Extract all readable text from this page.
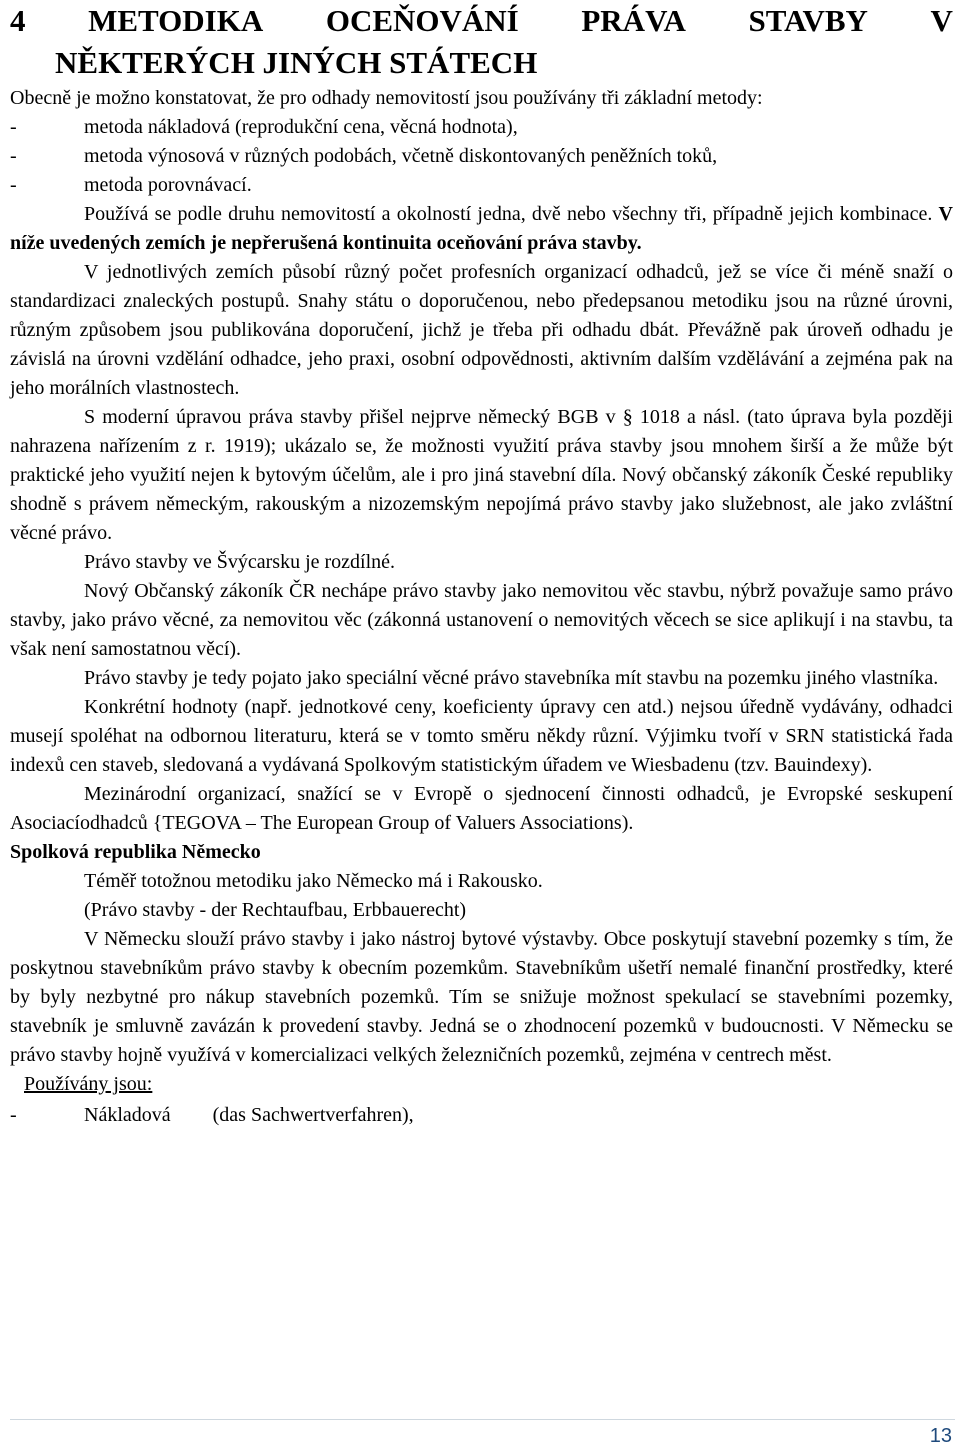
4 METODIKA OCEŇOVÁNÍ PRÁVA STAVBY V
NĚKTERÝCH JINÝCH STÁTECH

Obecně je možno konstatovat, že pro odhady nemovitostí jsou používány tři základní metody:

-	metoda nákladová (reprodukční cena, věcná hodnota),
-	metoda výnosová v různých podobách, včetně diskontovaných peněžních toků,
-	metoda porovnávací.

Používá se podle druhu nemovitostí a okolností jedna, dvě nebo všechny tři, případně jejich kombinace. V níže uvedených zemích je nepřerušená kontinuita oceňování práva stavby.

V jednotlivých zemích působí různý počet profesních organizací odhadců, jež se více či méně snaží o standardizaci znaleckých postupů. Snahy státu o doporučenou, nebo předepsanou metodiku jsou na různé úrovni, různým způsobem jsou publikována doporučení, jichž je třeba při odhadu dbát. Převážně pak úroveň odhadu je závislá na úrovni vzdělání odhadce, jeho praxi, osobní odpovědnosti, aktivním dalším vzdělávání a zejména pak na jeho morálních vlastnostech.

S moderní úpravou práva stavby přišel nejprve německý BGB v § 1018 a násl. (tato úprava byla později nahrazena nařízením z r. 1919); ukázalo se, že možnosti využití práva stavby jsou mnohem širší a že může být praktické jeho využití nejen k bytovým účelům, ale i pro jiná stavební díla. Nový občanský zákoník České republiky shodně s právem německým, rakouským a nizozemským nepojímá právo stavby jako služebnost, ale jako zvláštní věcné právo.

Právo stavby ve Švýcarsku je rozdílné.

Nový Občanský zákoník ČR nechápe právo stavby jako nemovitou věc stavbu, nýbrž považuje samo právo stavby, jako právo věcné, za nemovitou věc (zákonná ustanovení o nemovitých věcech se sice aplikují i na stavbu, ta však není samostatnou věcí).

Právo stavby je tedy pojato jako speciální věcné právo stavebníka mít stavbu na pozemku jiného vlastníka.

Konkrétní hodnoty (např. jednotkové ceny, koeficienty úpravy cen atd.) nejsou úředně vydávány, odhadci musejí spoléhat na odbornou literaturu, která se v tomto směru někdy různí. Výjimku tvoří v SRN statistická řada indexů cen staveb, sledovaná a vydávaná Spolkovým statistickým úřadem ve Wiesbadenu (tzv. Bauindexy).

Mezinárodní organizací, snažící se v Evropě o sjednocení činnosti odhadců, je Evropské seskupení Asociacíodhadců {TEGOVA – The European Group of Valuers Associations).

Spolková republika Německo

Téměř totožnou metodiku jako Německo má i Rakousko.

(Právo stavby - der Rechtaufbau, Erbbauerecht)

V Německu slouží právo stavby i jako nástroj bytové výstavby. Obce poskytují stavební pozemky s tím, že poskytnou stavebníkům právo stavby k obecním pozemkům. Stavebníkům ušetří nemalé finanční prostředky, které by byly nezbytné pro nákup stavebních pozemků. Tím se snižuje možnost spekulací se stavebními pozemky, stavebník je smluvně zavázán k provedení stavby. Jedná se o zhodnocení pozemků v budoucnosti. V Německu se právo stavby hojně využívá v komercializaci velkých železničních pozemků, zejména v centrech měst.

Používány jsou:

-	Nákladová (das Sachwertverfahren),
13
